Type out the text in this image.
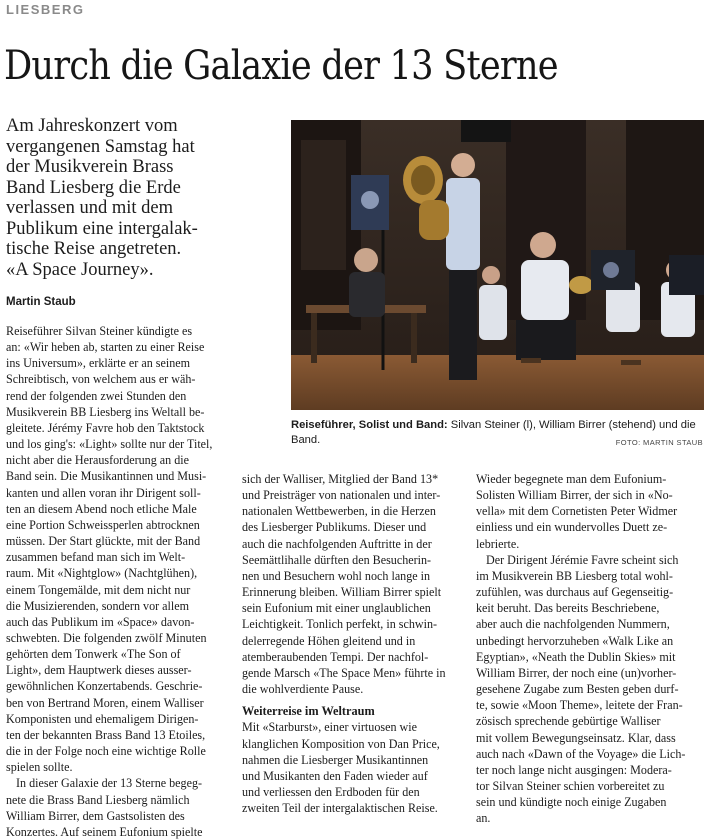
LIESBERG
Durch die Galaxie der 13 Sterne
Am Jahreskonzert vom
vergangenen Samstag hat
der Musikverein Brass
Band Liesberg die Erde
verlassen und mit dem
Publikum eine intergalak-
tische Reise angetreten.
«A Space Journey».
Martin Staub
Reiseführer, Solist und Band: Silvan Steiner (l), William Birrer (stehend) und die Band.	FOTO: MARTIN STAUB
Reiseführer Silvan Steiner kündigte es
an: «Wir heben ab, starten zu einer Reise
ins Universum», erklärte er an seinem
Schreibtisch, von welchem aus er wäh-
rend der folgenden zwei Stunden den
Musikverein BB Liesberg ins Weltall be-
gleitete. Jérémy Favre hob den Taktstock
und los ging's: «Light» sollte nur der Titel,
nicht aber die Herausforderung an die
Band sein. Die Musikantinnen und Musi-
kanten und allen voran ihr Dirigent soll-
ten an diesem Abend noch etliche Male
eine Portion Schweissperlen abtrocknen
müssen. Der Start glückte, mit der Band
zusammen befand man sich im Welt-
raum. Mit «Nightglow» (Nachtglühen),
einem Tongemälde, mit dem nicht nur
die Musizierenden, sondern vor allem
auch das Publikum im «Space» davon-
schwebten. Die folgenden zwölf Minuten
gehörten dem Tonwerk «The Son of
Light», dem Hauptwerk dieses ausser-
gewöhnlichen Konzertabends. Geschrie-
ben von Bertrand Moren, einem Walliser
Komponisten und ehemaligem Dirigen-
ten der bekannten Brass Band 13 Etoiles,
die in der Folge noch eine wichtige Rolle
spielen sollte.
In dieser Galaxie der 13 Sterne begeg-
nete die Brass Band Liesberg nämlich
William Birrer, dem Gastsolisten des
Konzertes. Auf seinem Eufonium spielte
sich der Walliser, Mitglied der Band 13*
und Preisträger von nationalen und inter-
nationalen Wettbewerben, in die Herzen
des Liesberger Publikums. Dieser und
auch die nachfolgenden Auftritte in der
Seemättlihalle dürften den Besucherin-
nen und Besuchern wohl noch lange in
Erinnerung bleiben. William Birrer spielt
sein Eufonium mit einer unglaublichen
Leichtigkeit. Tonlich perfekt, in schwin-
delerregende Höhen gleitend und in
atemberaubenden Tempi. Der nachfol-
gende Marsch «The Space Men» führte in
die wohlverdiente Pause.
Weiterreise im Weltraum
Mit «Starburst», einer virtuosen wie
klanglichen Komposition von Dan Price,
nahmen die Liesberger Musikantinnen
und Musikanten den Faden wieder auf
und verliessen den Erdboden für den
zweiten Teil der intergalaktischen Reise.
Wieder begegnete man dem Eufonium-
Solisten William Birrer, der sich in «No-
vella» mit dem Cornetisten Peter Widmer
einliess und ein wundervolles Duett ze-
lebrierte.
Der Dirigent Jérémie Favre scheint sich
im Musikverein BB Liesberg total wohl-
zufühlen, was durchaus auf Gegenseitig-
keit beruht. Das bereits Beschriebene,
aber auch die nachfolgenden Nummern,
unbedingt hervorzuheben «Walk Like an
Egyptian», «Neath the Dublin Skies» mit
William Birrer, der noch eine (un)vorher-
gesehene Zugabe zum Besten geben durf-
te, sowie «Moon Theme», leitete der Fran-
zösisch sprechende gebürtige Walliser
mit vollem Bewegungseinsatz. Klar, dass
auch nach «Dawn of the Voyage» die Lich-
ter noch lange nicht ausgingen: Modera-
tor Silvan Steiner schien vorbereitet zu
sein und kündigte noch einige Zugaben
an.
